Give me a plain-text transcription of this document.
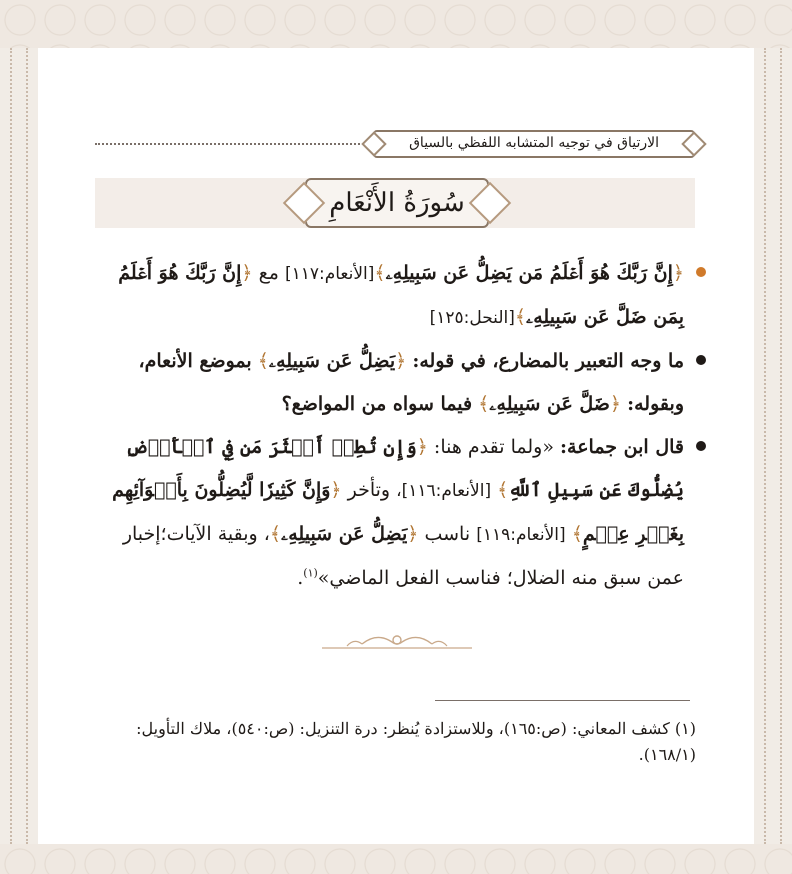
الارتياق في توجيه المتشابه اللفظي بالسياق
سُورَةُ الأَنْعَامِ
﴿إِنَّ رَبَّكَ هُوَ أَعۡلَمُ مَن يَضِلُّ عَن سَبِيلِهِۦ﴾[الأنعام:١١٧] مع ﴿إِنَّ رَبَّكَ هُوَ أَعۡلَمُ بِمَن ضَلَّ عَن سَبِيلِهِۦ﴾[النحل:١٢٥]
ما وجه التعبير بالمضارع، في قوله: ﴿يَضِلُّ عَن سَبِيلِهِۦ﴾ بموضع الأنعام، وبقوله: ﴿ضَلَّ عَن سَبِيلِهِۦ﴾ فيما سواه من المواضع؟
قال ابن جماعة: «ولما تقدم هنا: ﴿وَإِن تُطِعۡ أَكۡثَرَ مَن فِي ٱلۡأَرۡضِ يُضِلُّوكَ عَن سَبِيلِ ٱللَّهِ﴾ [الأنعام:١١٦]، وتأخر ﴿وَإِنَّ كَثِيرٗا لَّيُضِلُّونَ بِأَهۡوَآئِهِم بِغَيۡرِ عِلۡمٍ﴾ [الأنعام:١١٩] ناسب ﴿يَضِلُّ عَن سَبِيلِهِۦ﴾، وبقية الآيات؛إخبار عمن سبق منه الضلال؛ فناسب الفعل الماضي»$^{(١)}$.
(١) كشف المعاني: (ص:١٦٥)، وللاستزادة يُنظر: درة التنزيل: (ص:٥٤٠)، ملاك التأويل: (١٦٨/١).
